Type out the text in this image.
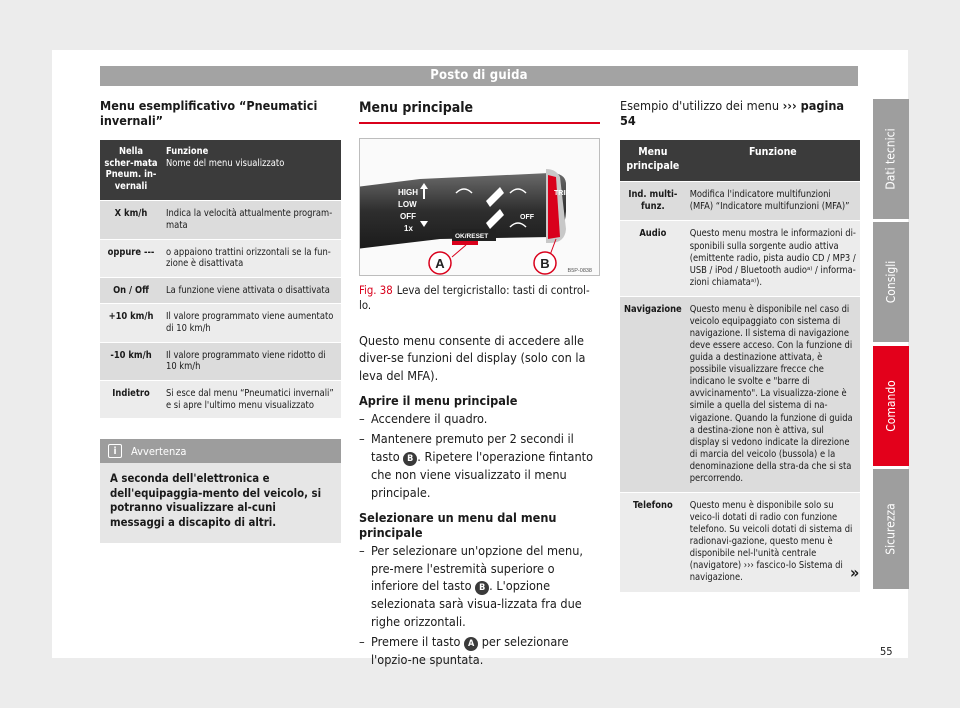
Posto di guida
Menu esemplificativo “Pneumatici invernali”
Nella scher-mata Pneum. in-vernali	Funzione
Nome del menu visualizzato
X km/h	Indica la velocità attualmente program-mata
oppure ---	o appaiono trattini orizzontali se la fun-zione è disattivata
On / Off	La funzione viene attivata o disattivata
+10 km/h	Il valore programmato viene aumentato di 10 km/h
-10 km/h	Il valore programmato viene ridotto di 10 km/h
Indietro	Si esce dal menu “Pneumatici invernali” e si apre l'ultimo menu visualizzato
i	Avvertenza
A seconda dell'elettronica e dell'equipaggia-mento del veicolo, si potranno visualizzare al-cuni messaggi a discapito di altri.
Menu principale
TRIP
HIGH
LOW
OFF
1x
OFF
OK/RESET
A	B	B5P-0838
Fig. 38 Leva del tergicristallo: tasti di control-lo.
Questo menu consente di accedere alle diver-se funzioni del display (solo con la leva del MFA).
Aprire il menu principale
– Accendere il quadro.
– Mantenere premuto per 2 secondi il tasto B . Ripetere l'operazione fintanto che non viene visualizzato il menu principale.
Selezionare un menu dal menu principale
– Per selezionare un'opzione del menu, pre-mere l'estremità superiore o inferiore del tasto B . L'opzione selezionata sarà visua-lizzata fra due righe orizzontali.
– Premere il tasto A per selezionare l'opzio-ne spuntata.
Esempio d'utilizzo dei menu ››› pagina 54
Menu principale	Funzione
Ind. multi-funz.	Modifica l'indicatore multifunzioni (MFA) “Indicatore multifunzioni (MFA)”
Audio	Questo menu mostra le informazioni di-sponibili sulla sorgente audio attiva (emittente radio, pista audio CD / MP3 / USB / iPod / Bluetooth audioᵃ⁾ / informa-zioni chiamataᵃ⁾).
Navigazione	Questo menu è disponibile nel caso di veicolo equipaggiato con sistema di navigazione. Il sistema di navigazione deve essere acceso. Con la funzione di guida a destinazione attivata, è possibile visualizzare frecce che indicano le svolte e "barre di avvicinamento". La visualizza-zione è simile a quella del sistema di na-vigazione. Quando la funzione di guida a destina-zione non è attiva, sul display si vedono indicate la direzione di marcia del veicolo (bussola) e la denominazione della stra-da che si sta percorrendo.
Telefono	Questo menu è disponibile solo su veico-li dotati di radio con funzione telefono. Su veicoli dotati di sistema di radionavi-gazione, questo menu è disponibile nel-l'unità centrale (navigatore) ››› fascico-lo Sistema di navigazione.	»
Dati tecnici
Consigli
Comando
Sicurezza
55
